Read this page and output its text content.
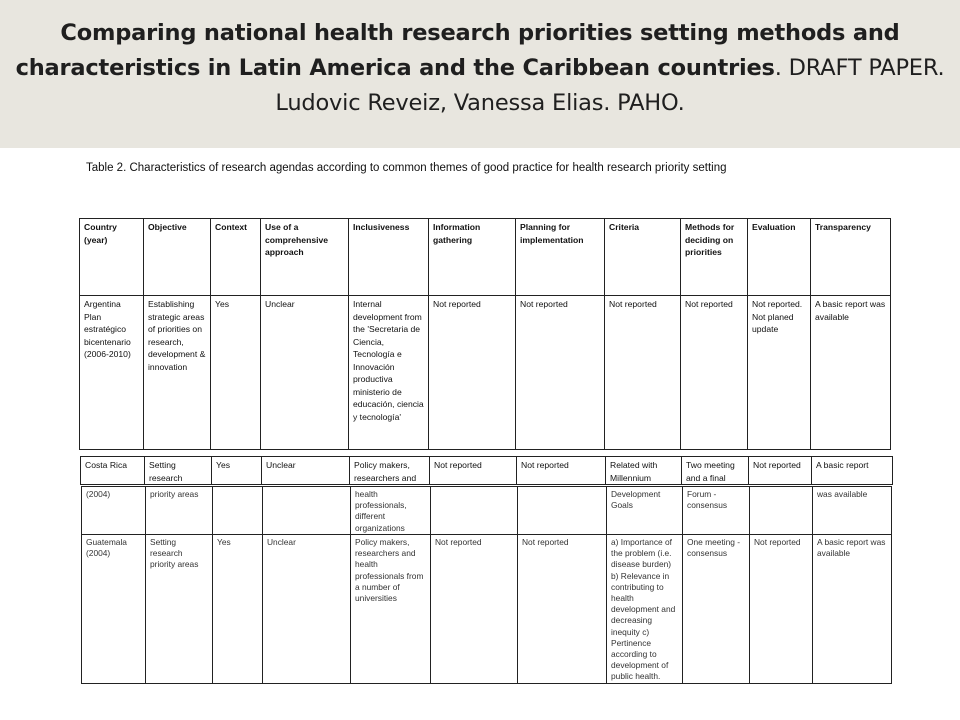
Comparing national health research priorities setting methods and characteristics in Latin America and the Caribbean countries. DRAFT PAPER. Ludovic Reveiz, Vanessa Elias. PAHO.
Table 2. Characteristics of research agendas according to common themes of good practice for health research priority setting
Country (year)	Objective	Context	Use of a comprehensive approach	Inclusiveness	Information gathering	Planning for implementation	Criteria	Methods for deciding on priorities	Evaluation	Transparency
Argentina Plan estratégico bicentenario (2006-2010)	Establishing strategic areas of priorities on research, development & innovation	Yes	Unclear	Internal development from the 'Secretaria de Ciencia, Tecnología e Innovación productiva ministerio de educación, ciencia y tecnología'	Not reported	Not reported	Not reported	Not reported	Not reported. Not planed update	A basic report was available
Costa Rica	Setting research	Yes	Unclear	Policy makers, researchers and	Not reported	Not reported	Related with Millennium	Two meeting and a final	Not reported	A basic report
(2004)	priority areas			health professionals, different organizations			Development Goals	Forum - consensus		was available
Guatemala (2004)	Setting research priority areas	Yes	Unclear	Policy makers, researchers and health professionals from a number of universities	Not reported	Not reported	a) Importance of the problem (i.e. disease burden) b) Relevance in contributing to health development and decreasing inequity c) Pertinence according to development of public health.	One meeting - consensus	Not reported	A basic report was available
